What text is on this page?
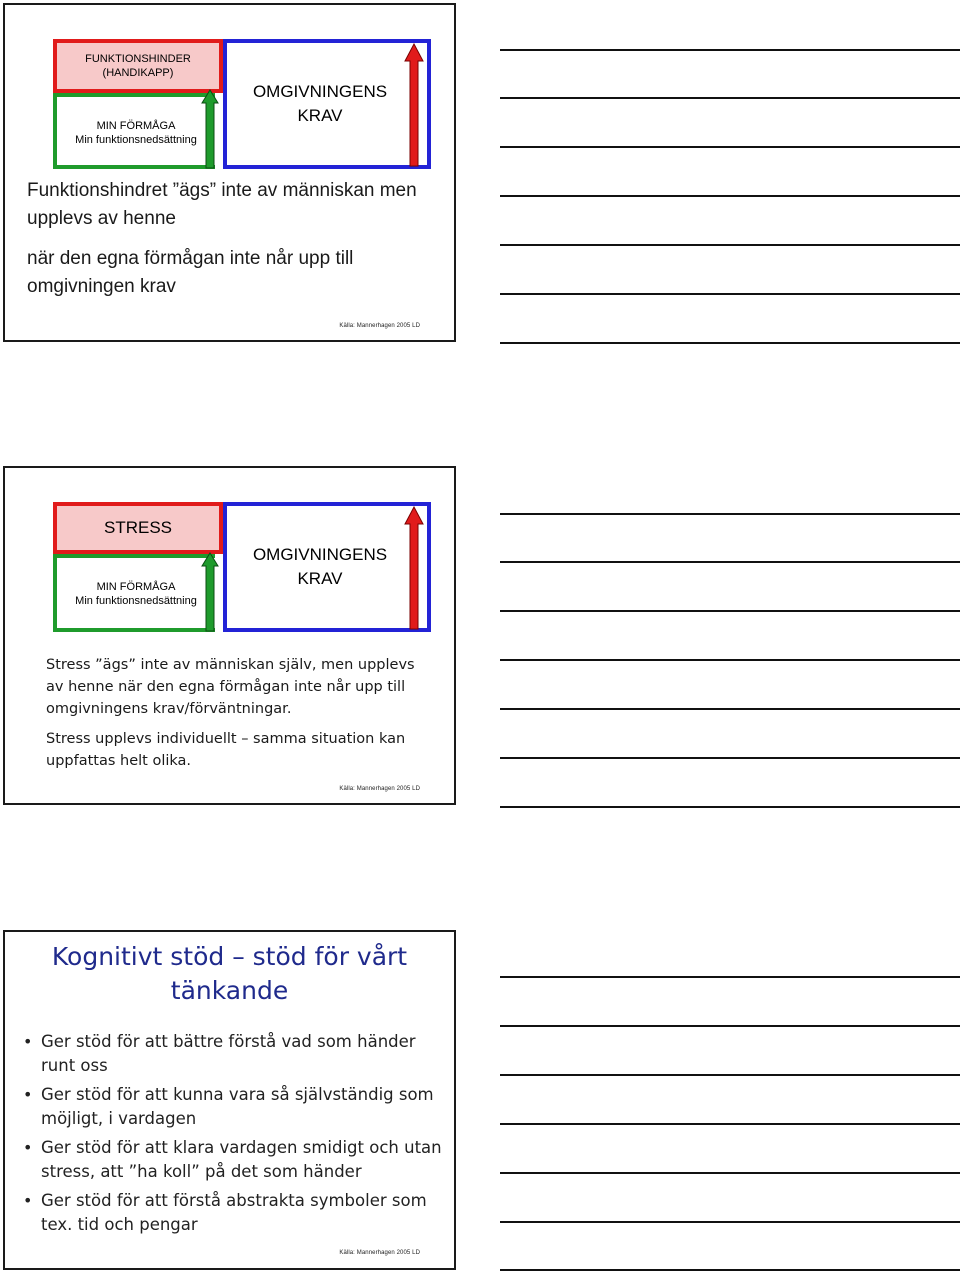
FUNKTIONSHINDER
(HANDIKAPP)
MIN FÖRMÅGA
Min funktionsnedsättning
OMGIVNINGENS
KRAV

Funktionshindret ”ägs” inte av människan men upplevs av henne

när den egna förmågan inte når upp till omgivningen krav

Källa: Mannerhagen 2005 LD
STRESS
MIN FÖRMÅGA
Min funktionsnedsättning
OMGIVNINGENS
KRAV

Stress ”ägs” inte av människan själv, men upplevs av henne när den egna förmågan inte når upp till omgivningens krav/förväntningar.

Stress upplevs individuellt – samma situation kan uppfattas helt olika.

Källa: Mannerhagen 2005 LD
Kognitivt stöd – stöd för vårt tänkande
• Ger stöd för att bättre förstå vad som händer runt oss
• Ger stöd för att kunna vara så självständig som möjligt, i vardagen
• Ger stöd för att klara vardagen smidigt och utan stress, att ”ha koll” på det som händer
• Ger stöd för att förstå abstrakta symboler som tex. tid och pengar
Källa: Mannerhagen 2005 LD
